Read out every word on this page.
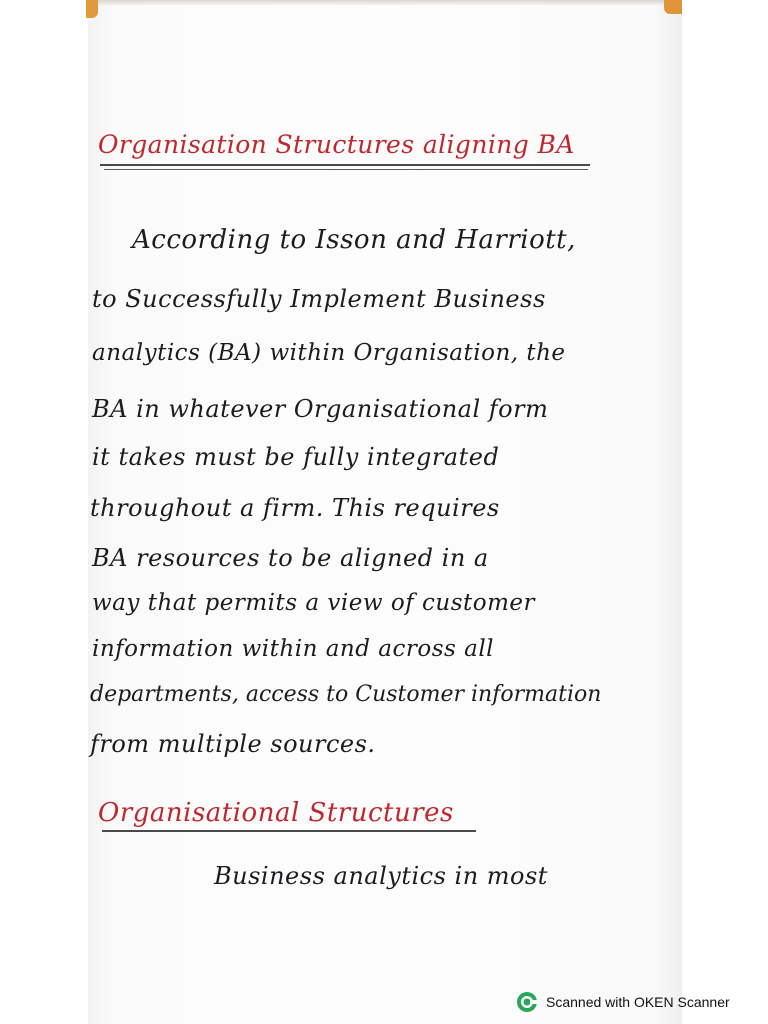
Organisation Structures aligning BA
According to Isson and Harriott,
to Successfully Implement Business
analytics (BA) within Organisation, the
BA in whatever Organisational form
it takes must be fully integrated
throughout a firm. This requires
BA resources to be aligned in a
way that permits a view of customer
information within and across all
departments, access to Customer information
from multiple sources.
Organisational Structures
Business analytics in most
Scanned with OKEN Scanner
